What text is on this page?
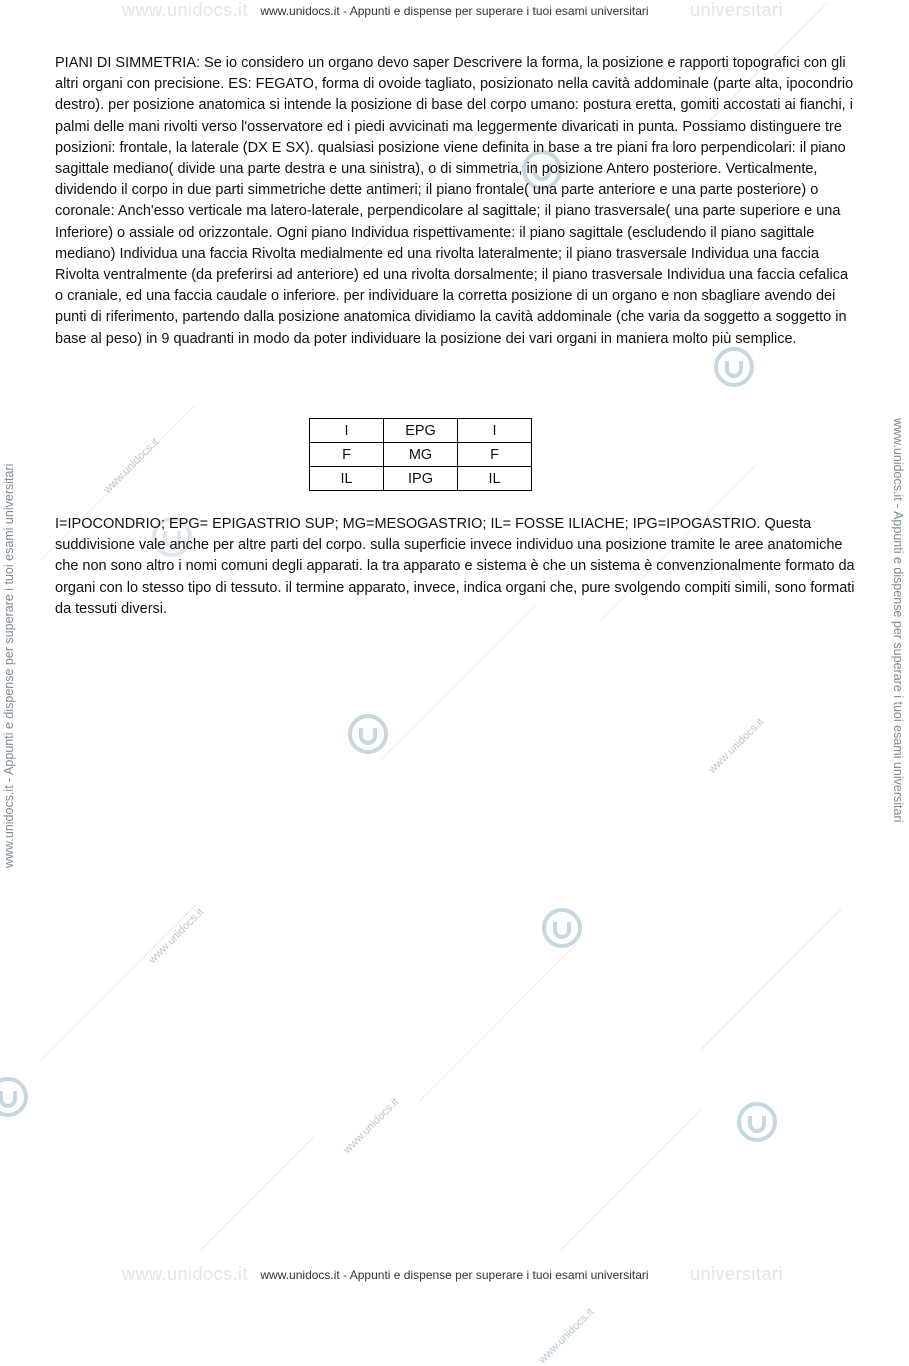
www.unidocs.it
www.unidocs.it
www.unidocs.it
www.unidocs.it
www.unidocs.it
www.unidocs.it	universitari
www.unidocs.it	universitari
www.unidocs.it - Appunti e dispense per superare i tuoi esami universitari
www.unidocs.it - Appunti e dispense per superare i tuoi esami universitari
www.unidocs.it - Appunti e dispense per superare i tuoi esami universitari	www.unidocs.it - Appunti e dispense per superare i tuoi esami universitari

PIANI DI SIMMETRIA: Se io considero un organo devo saper Descrivere la forma, la posizione e rapporti topografici con gli altri organi con precisione. ES: FEGATO, forma di ovoide tagliato, posizionato nella cavità addominale (parte alta, ipocondrio destro). per posizione anatomica si intende la posizione di base del corpo umano: postura eretta, gomiti accostati ai fianchi, i palmi delle mani rivolti verso l'osservatore ed i piedi avvicinati ma leggermente divaricati in punta. Possiamo distinguere tre posizioni: frontale, la laterale (DX E SX). qualsiasi posizione viene definita in base a tre piani fra loro perpendicolari: il piano sagittale mediano( divide una parte destra e una sinistra), o di simmetria, in posizione Antero posteriore. Verticalmente, dividendo il corpo in due parti simmetriche dette antimeri; il piano frontale( una parte anteriore e una parte posteriore) o coronale: Anch'esso verticale ma latero-laterale, perpendicolare al sagittale; il piano trasversale( una parte superiore e una Inferiore) o assiale od orizzontale. Ogni piano Individua rispettivamente: il piano sagittale (escludendo il piano sagittale mediano) Individua una faccia Rivolta medialmente ed una rivolta lateralmente; il piano trasversale Individua una faccia Rivolta ventralmente (da preferirsi ad anteriore) ed una rivolta dorsalmente; il piano trasversale Individua una faccia cefalica o craniale, ed una faccia caudale o inferiore. per individuare la corretta posizione di un organo e non sbagliare avendo dei punti di riferimento, partendo dalla posizione anatomica dividiamo la cavità addominale (che varia da soggetto a soggetto in base al peso) in 9 quadranti in modo da poter individuare la posizione dei vari organi in maniera molto più semplice.

I	EPG	I
F	MG	F
IL	IPG	IL

I=IPOCONDRIO; EPG= EPIGASTRIO SUP; MG=MESOGASTRIO; IL= FOSSE ILIACHE; IPG=IPOGASTRIO. Questa suddivisione vale anche per altre parti del corpo. sulla superficie invece individuo una posizione tramite le aree anatomiche che non sono altro i nomi comuni degli apparati. la tra apparato e sistema è che un sistema è convenzionalmente formato da organi con lo stesso tipo di tessuto. il termine apparato, invece, indica organi che, pure svolgendo compiti simili, sono formati da tessuti diversi.
